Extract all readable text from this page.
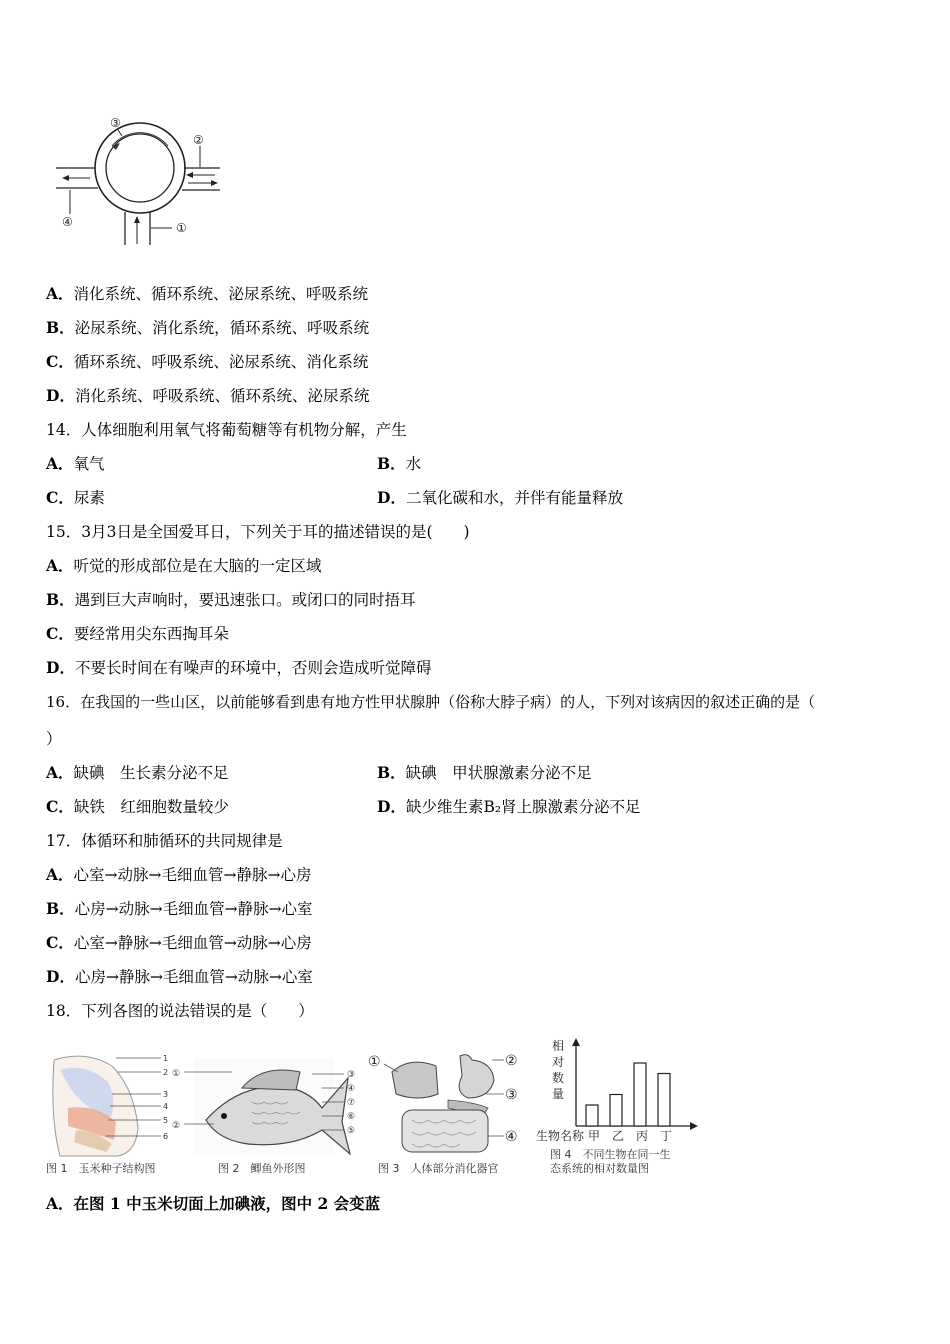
③
②
④	①
A．消化系统、循环系统、泌尿系统、呼吸系统
B．泌尿系统、消化系统，循环系统、呼吸系统
C．循环系统、呼吸系统、泌尿系统、消化系统
D．消化系统、呼吸系统、循环系统、泌尿系统
14．人体细胞利用氧气将葡萄糖等有机物分解，产生
A．氧气	B．水
C．尿素	D．二氧化碳和水，并伴有能量释放
15．3月3日是全国爱耳日，下列关于耳的描述错误的是(　　)
A．听觉的形成部位是在大脑的一定区域
B．遇到巨大声响时，要迅速张口。或闭口的同时捂耳
C．要经常用尖东西掏耳朵
D．不要长时间在有噪声的环境中，否则会造成听觉障碍
16．在我国的一些山区，以前能够看到患有地方性甲状腺肿（俗称大脖子病）的人，下列对该病因的叙述正确的是（
）
A．缺碘　生长素分泌不足	B．缺碘　甲状腺激素分泌不足
C．缺铁　红细胞数量较少	D．缺少维生素B₂肾上腺激素分泌不足
17．体循环和肺循环的共同规律是
A．心室→动脉→毛细血管→静脉→心房
B．心房→动脉→毛细血管→静脉→心室
C．心室→静脉→毛细血管→动脉→心房
D．心房→静脉→毛细血管→动脉→心室
18．下列各图的说法错误的是（　　）
1
2
3
4
5
6
图 1　玉米种子结构图
①
②
③
④
⑦
⑥
⑤
图 2　鲫鱼外形图
①	②
③
④
图 3　人体部分消化器官
相
对
数
量
生物名称 甲 乙 丙 丁
图 4　不同生物在同一生
态系统的相对数量图
A．在图 1 中玉米切面上加碘液，图中 2 会变蓝
